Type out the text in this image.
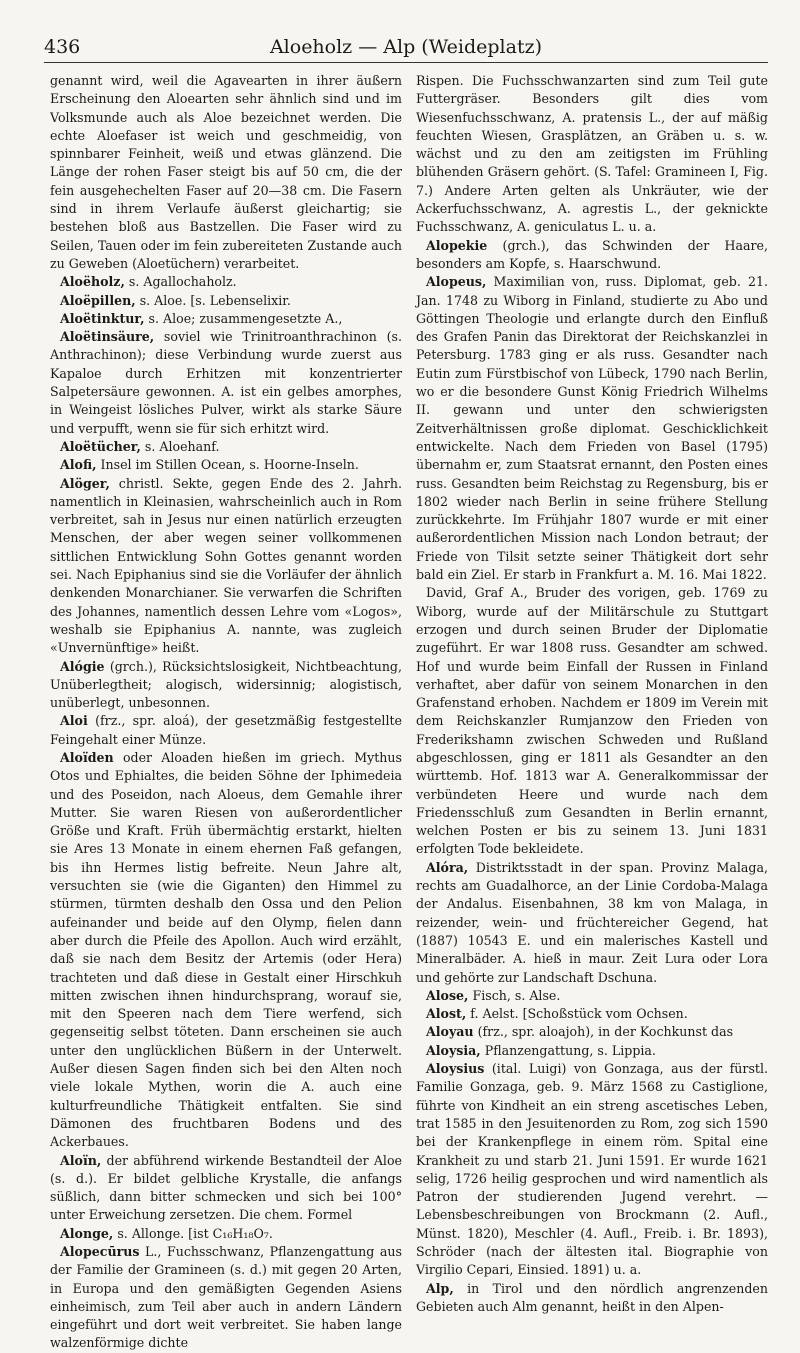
436	Aloeholz — Alp (Weideplatz)

genannt wird, weil die Agavearten in ihrer äußern Erscheinung den Aloearten sehr ähnlich sind und im Volksmunde auch als Aloe bezeichnet werden. Die echte Aloefaser ist weich und geschmeidig, von spinnbarer Feinheit, weiß und etwas glänzend. Die Länge der rohen Faser steigt bis auf 50 cm, die der fein ausgehechelten Faser auf 20—38 cm. Die Fasern sind in ihrem Verlaufe äußerst gleichartig; sie bestehen bloß aus Bastzellen. Die Faser wird zu Seilen, Tauen oder im fein zubereiteten Zustande auch zu Geweben (Aloetüchern) verarbeitet.

Aloëholz, s. Agallochaholz.

Aloëpillen, s. Aloe. [s. Lebenselixir.

Aloëtinktur, s. Aloe; zusammengesetzte A.,

Aloëtinsäure, soviel wie Trinitroanthrachinon (s. Anthrachinon); diese Verbindung wurde zuerst aus Kapaloe durch Erhitzen mit konzentrierter Salpetersäure gewonnen. A. ist ein gelbes amorphes, in Weingeist lösliches Pulver, wirkt als starke Säure und verpufft, wenn sie für sich erhitzt wird.

Aloëtücher, s. Aloehanf.

Alofi, Insel im Stillen Ocean, s. Hoorne-Inseln.

Alöger, christl. Sekte, gegen Ende des 2. Jahrh. namentlich in Kleinasien, wahrscheinlich auch in Rom verbreitet, sah in Jesus nur einen natürlich erzeugten Menschen, der aber wegen seiner vollkommenen sittlichen Entwicklung Sohn Gottes genannt worden sei. Nach Epiphanius sind sie die Vorläufer der ähnlich denkenden Monarchianer. Sie verwarfen die Schriften des Johannes, namentlich dessen Lehre vom «Logos», weshalb sie Epiphanius A. nannte, was zugleich «Unvernünftige» heißt.

Alógie (grch.), Rücksichtslosigkeit, Nichtbeachtung, Unüberlegtheit; alogisch, widersinnig; alogistisch, unüberlegt, unbesonnen.

Aloi (frz., spr. aloá), der gesetzmäßig festgestellte Feingehalt einer Münze.

Aloïden oder Aloaden hießen im griech. Mythus Otos und Ephialtes, die beiden Söhne der Iphimedeia und des Poseidon, nach Aloeus, dem Gemahle ihrer Mutter. Sie waren Riesen von außerordentlicher Größe und Kraft. Früh übermächtig erstarkt, hielten sie Ares 13 Monate in einem ehernen Faß gefangen, bis ihn Hermes listig befreite. Neun Jahre alt, versuchten sie (wie die Giganten) den Himmel zu stürmen, türmten deshalb den Ossa und den Pelion aufeinander und beide auf den Olymp, fielen dann aber durch die Pfeile des Apollon. Auch wird erzählt, daß sie nach dem Besitz der Artemis (oder Hera) trachteten und daß diese in Gestalt einer Hirschkuh mitten zwischen ihnen hindurchsprang, worauf sie, mit den Speeren nach dem Tiere werfend, sich gegenseitig selbst töteten. Dann erscheinen sie auch unter den unglücklichen Büßern in der Unterwelt. Außer diesen Sagen finden sich bei den Alten noch viele lokale Mythen, worin die A. auch eine kulturfreundliche Thätigkeit entfalten. Sie sind Dämonen des fruchtbaren Bodens und des Ackerbaues.

Aloïn, der abführend wirkende Bestandteil der Aloe (s. d.). Er bildet gelbliche Krystalle, die anfangs süßlich, dann bitter schmecken und sich bei 100° unter Erweichung zersetzen. Die chem. Formel

Alonge, s. Allonge. [ist C₁₆H₁₈O₇.

Alopecūrus L., Fuchsschwanz, Pflanzengattung aus der Familie der Gramineen (s. d.) mit gegen 20 Arten, in Europa und den gemäßigten Gegenden Asiens einheimisch, zum Teil aber auch in andern Ländern eingeführt und dort weit verbreitet. Sie haben lange walzenförmige dichte

Rispen. Die Fuchsschwanzarten sind zum Teil gute Futtergräser. Besonders gilt dies vom Wiesenfuchsschwanz, A. pratensis L., der auf mäßig feuchten Wiesen, Grasplätzen, an Gräben u. s. w. wächst und zu den am zeitigsten im Frühling blühenden Gräsern gehört. (S. Tafel: Gramineen I, Fig. 7.) Andere Arten gelten als Unkräuter, wie der Ackerfuchsschwanz, A. agrestis L., der geknickte Fuchsschwanz, A. geniculatus L. u. a.

Alopekie (grch.), das Schwinden der Haare, besonders am Kopfe, s. Haarschwund.

Alopeus, Maximilian von, russ. Diplomat, geb. 21. Jan. 1748 zu Wiborg in Finland, studierte zu Abo und Göttingen Theologie und erlangte durch den Einfluß des Grafen Panin das Direktorat der Reichskanzlei in Petersburg. 1783 ging er als russ. Gesandter nach Eutin zum Fürstbischof von Lübeck, 1790 nach Berlin, wo er die besondere Gunst König Friedrich Wilhelms II. gewann und unter den schwierigsten Zeitverhältnissen große diplomat. Geschicklichkeit entwickelte. Nach dem Frieden von Basel (1795) übernahm er, zum Staatsrat ernannt, den Posten eines russ. Gesandten beim Reichstag zu Regensburg, bis er 1802 wieder nach Berlin in seine frühere Stellung zurückkehrte. Im Frühjahr 1807 wurde er mit einer außerordentlichen Mission nach London betraut; der Friede von Tilsit setzte seiner Thätigkeit dort sehr bald ein Ziel. Er starb in Frankfurt a. M. 16. Mai 1822.

David, Graf A., Bruder des vorigen, geb. 1769 zu Wiborg, wurde auf der Militärschule zu Stuttgart erzogen und durch seinen Bruder der Diplomatie zugeführt. Er war 1808 russ. Gesandter am schwed. Hof und wurde beim Einfall der Russen in Finland verhaftet, aber dafür von seinem Monarchen in den Grafenstand erhoben. Nachdem er 1809 im Verein mit dem Reichskanzler Rumjanzow den Frieden von Frederikshamn zwischen Schweden und Rußland abgeschlossen, ging er 1811 als Gesandter an den württemb. Hof. 1813 war A. Generalkommissar der verbündeten Heere und wurde nach dem Friedensschluß zum Gesandten in Berlin ernannt, welchen Posten er bis zu seinem 13. Juni 1831 erfolgten Tode bekleidete.

Alóra, Distriktsstadt in der span. Provinz Malaga, rechts am Guadalhorce, an der Linie Cordoba-Malaga der Andalus. Eisenbahnen, 38 km von Malaga, in reizender, wein- und früchtereicher Gegend, hat (1887) 10543 E. und ein malerisches Kastell und Mineralbäder. A. hieß in maur. Zeit Lura oder Lora und gehörte zur Landschaft Dschuna.

Alose, Fisch, s. Alse.

Alost, f. Aelst. [Schoßstück vom Ochsen.

Aloyau (frz., spr. aloajoh), in der Kochkunst das

Aloysia, Pflanzengattung, s. Lippia.

Aloysius (ital. Luigi) von Gonzaga, aus der fürstl. Familie Gonzaga, geb. 9. März 1568 zu Castiglione, führte von Kindheit an ein streng ascetisches Leben, trat 1585 in den Jesuitenorden zu Rom, zog sich 1590 bei der Krankenpflege in einem röm. Spital eine Krankheit zu und starb 21. Juni 1591. Er wurde 1621 selig, 1726 heilig gesprochen und wird namentlich als Patron der studierenden Jugend verehrt. — Lebensbeschreibungen von Brockmann (2. Aufl., Münst. 1820), Meschler (4. Aufl., Freib. i. Br. 1893), Schröder (nach der ältesten ital. Biographie von Virgilio Cepari, Einsied. 1891) u. a.

Alp, in Tirol und den nördlich angrenzenden Gebieten auch Alm genannt, heißt in den Alpen-
